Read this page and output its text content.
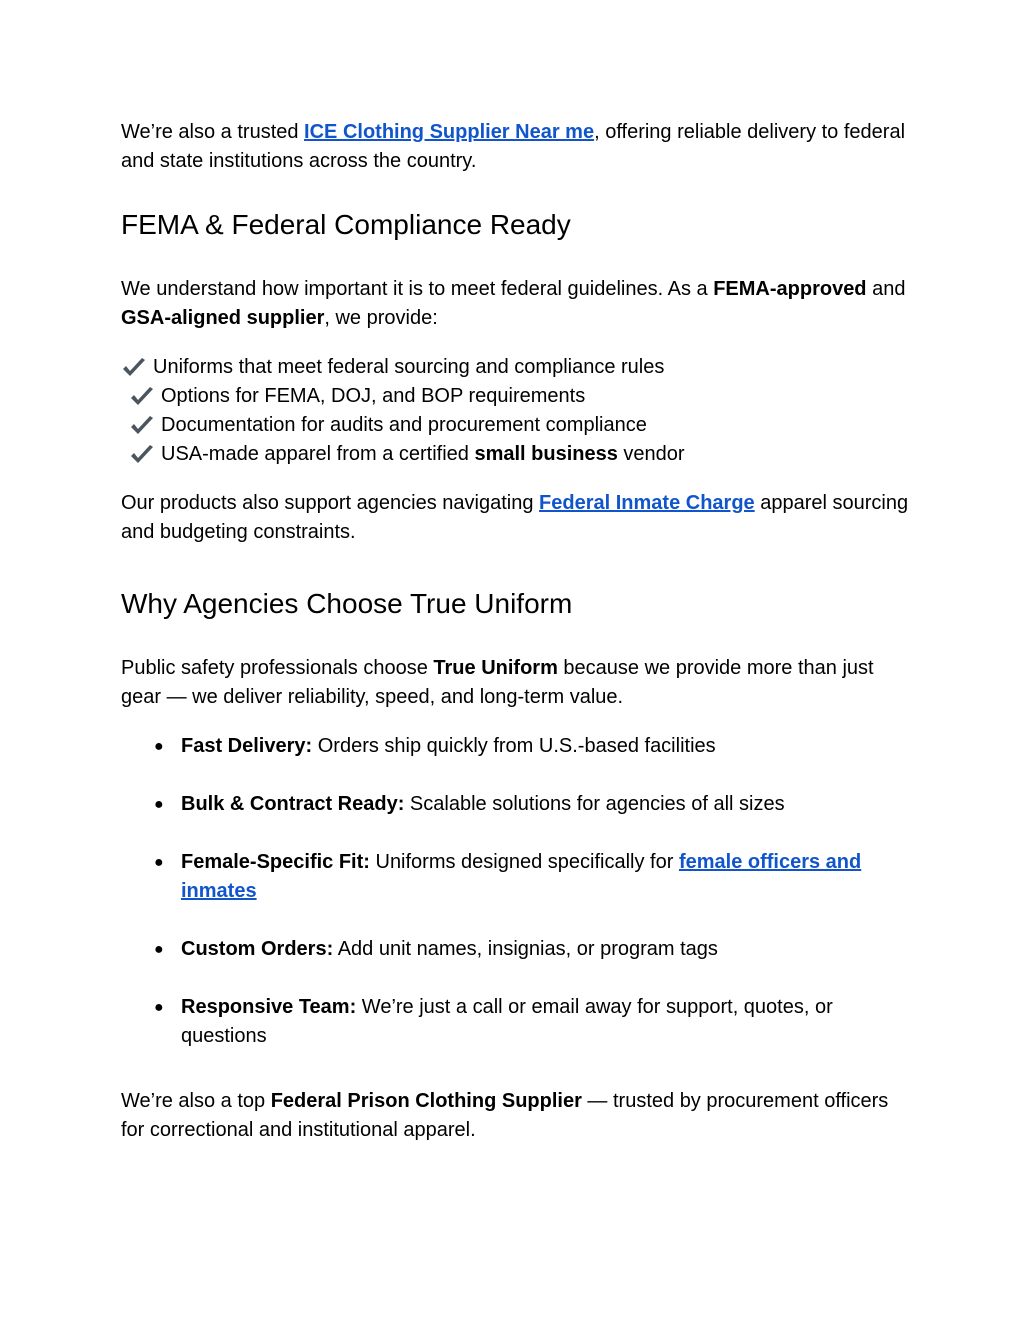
We’re also a trusted ICE Clothing Supplier Near me, offering reliable delivery to federal and state institutions across the country.

FEMA & Federal Compliance Ready

We understand how important it is to meet federal guidelines. As a FEMA-approved and GSA-aligned supplier, we provide:

Uniforms that meet federal sourcing and compliance rules
Options for FEMA, DOJ, and BOP requirements
Documentation for audits and procurement compliance
USA-made apparel from a certified small business vendor

Our products also support agencies navigating Federal Inmate Charge apparel sourcing and budgeting constraints.

Why Agencies Choose True Uniform

Public safety professionals choose True Uniform because we provide more than just gear — we deliver reliability, speed, and long-term value.

● Fast Delivery: Orders ship quickly from U.S.-based facilities
● Bulk & Contract Ready: Scalable solutions for agencies of all sizes
● Female-Specific Fit: Uniforms designed specifically for female officers and inmates
● Custom Orders: Add unit names, insignias, or program tags
● Responsive Team: We’re just a call or email away for support, quotes, or questions

We’re also a top Federal Prison Clothing Supplier — trusted by procurement officers for correctional and institutional apparel.
